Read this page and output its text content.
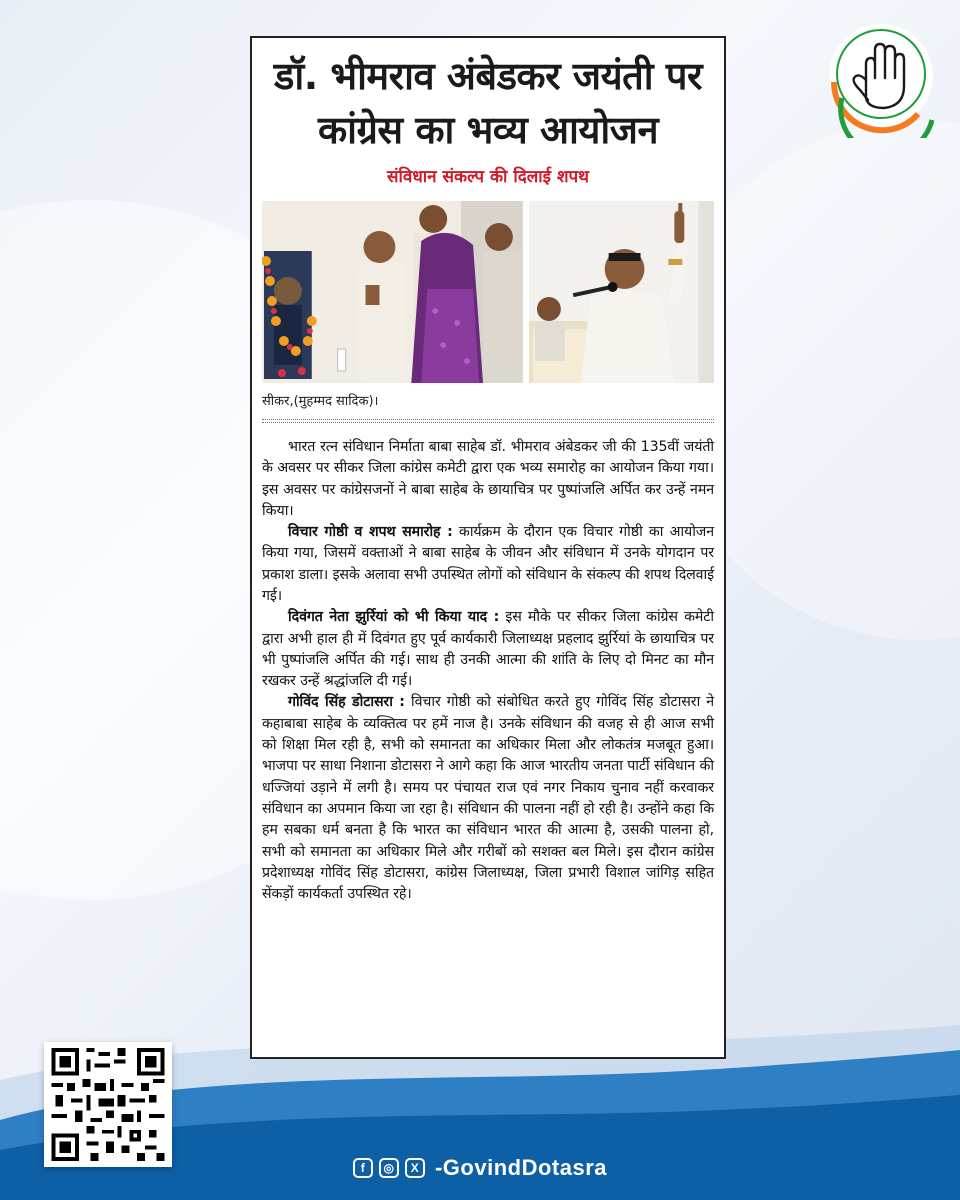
f	◎	X -GovindDotasra
डॉ. भीमराव अंबेडकर जयंती पर
कांग्रेस का भव्य आयोजन
संविधान संकल्प की दिलाई शपथ
सीकर,(मुहम्मद सादिक)।

भारत रत्न संविधान निर्माता बाबा साहेब डॉ. भीमराव अंबेडकर जी की 135वीं जयंती के अवसर पर सीकर जिला कांग्रेस कमेटी द्वारा एक भव्य समारोह का आयोजन किया गया। इस अवसर पर कांग्रेसजनों ने बाबा साहेब के छायाचित्र पर पुष्पांजलि अर्पित कर उन्हें नमन किया।

विचार गोष्ठी व शपथ समारोह : कार्यक्रम के दौरान एक विचार गोष्ठी का आयोजन किया गया, जिसमें वक्ताओं ने बाबा साहेब के जीवन और संविधान में उनके योगदान पर प्रकाश डाला। इसके अलावा सभी उपस्थित लोगों को संविधान के संकल्प की शपथ दिलवाई गई।

दिवंगत नेता झुर्रियां को भी किया याद : इस मौके पर सीकर जिला कांग्रेस कमेटी द्वारा अभी हाल ही में दिवंगत हुए पूर्व कार्यकारी जिलाध्यक्ष प्रहलाद झुर्रियां के छायाचित्र पर भी पुष्पांजलि अर्पित की गई। साथ ही उनकी आत्मा की शांति के लिए दो मिनट का मौन रखकर उन्हें श्रद्धांजलि दी गई।

गोविंद सिंह डोटासरा : विचार गोष्ठी को संबोधित करते हुए गोविंद सिंह डोटासरा ने कहाबाबा साहेब के व्यक्तित्व पर हमें नाज है। उनके संविधान की वजह से ही आज सभी को शिक्षा मिल रही है, सभी को समानता का अधिकार मिला और लोकतंत्र मजबूत हुआ।भाजपा पर साधा निशाना डोटासरा ने आगे कहा कि आज भारतीय जनता पार्टी संविधान की धज्जियां उड़ाने में लगी है। समय पर पंचायत राज एवं नगर निकाय चुनाव नहीं करवाकर संविधान का अपमान किया जा रहा है। संविधान की पालना नहीं हो रही है। उन्होंने कहा कि हम सबका धर्म बनता है कि भारत का संविधान भारत की आत्मा है, उसकी पालना हो, सभी को समानता का अधिकार मिले और गरीबों को सशक्त बल मिले। इस दौरान कांग्रेस प्रदेशाध्यक्ष गोविंद सिंह डोटासरा, कांग्रेस जिलाध्यक्ष, जिला प्रभारी विशाल जांगिड़ सहित सेंकड़ों कार्यकर्ता उपस्थित रहे।
